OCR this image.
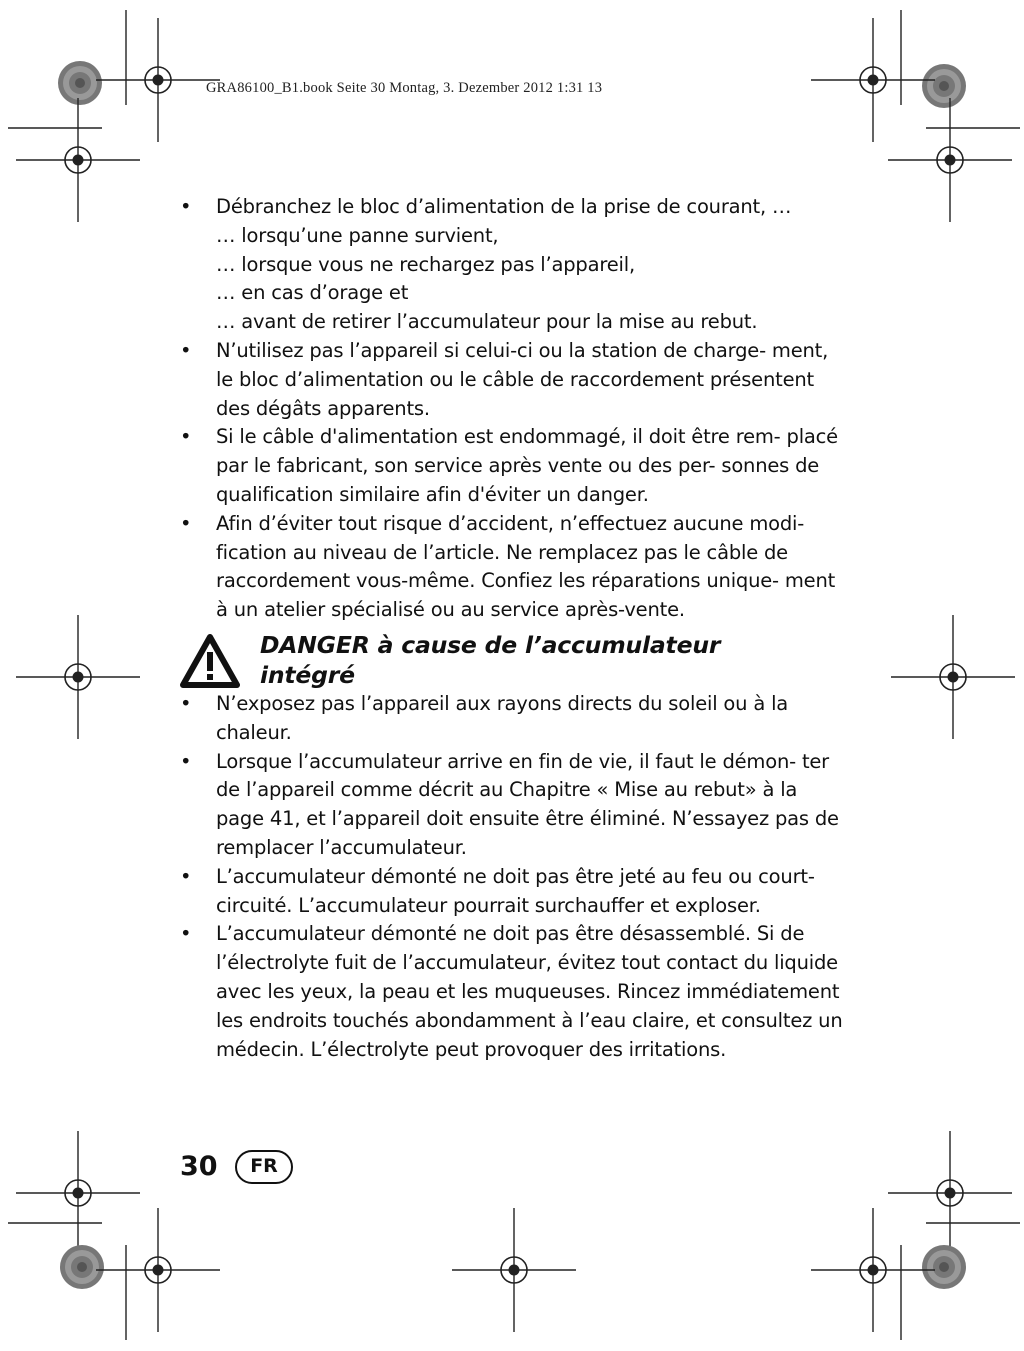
GRA86100_B1.book Seite 30 Montag, 3. Dezember 2012 1:31 13

•	Débranchez le bloc d’alimentation de la prise de courant, …
… lorsqu’une panne survient,
… lorsque vous ne rechargez pas l’appareil,
… en cas d’orage et
… avant de retirer l’accumulateur pour la mise au rebut.
•	N’utilisez pas l’appareil si celui-ci ou la station de charge- ment, le bloc d’alimentation ou le câble de raccordement présentent des dégâts apparents.
•	Si le câble d'alimentation est endommagé, il doit être rem- placé par le fabricant, son service après vente ou des per- sonnes de qualification similaire afin d'éviter un danger.
•	Afin d’éviter tout risque d’accident, n’effectuez aucune modi- fication au niveau de l’article. Ne remplacez pas le câble de raccordement vous-même. Confiez les réparations unique- ment à un atelier spécialisé ou au service après-vente.
DANGER à cause de l’accumulateur
intégré
•	N’exposez pas l’appareil aux rayons directs du soleil ou à la chaleur.
•	Lorsque l’accumulateur arrive en fin de vie, il faut le démon- ter de l’appareil comme décrit au Chapitre « Mise au rebut» à la page 41, et l’appareil doit ensuite être éliminé. N’essayez pas de remplacer l’accumulateur.
•	L’accumulateur démonté ne doit pas être jeté au feu ou court- circuité. L’accumulateur pourrait surchauffer et exploser.
•	L’accumulateur démonté ne doit pas être désassemblé. Si de l’électrolyte fuit de l’accumulateur, évitez tout contact du liquide avec les yeux, la peau et les muqueuses. Rincez immédiatement les endroits touchés abondamment à l’eau claire, et consultez un médecin. L’électrolyte peut provoquer des irritations.
30	FR
